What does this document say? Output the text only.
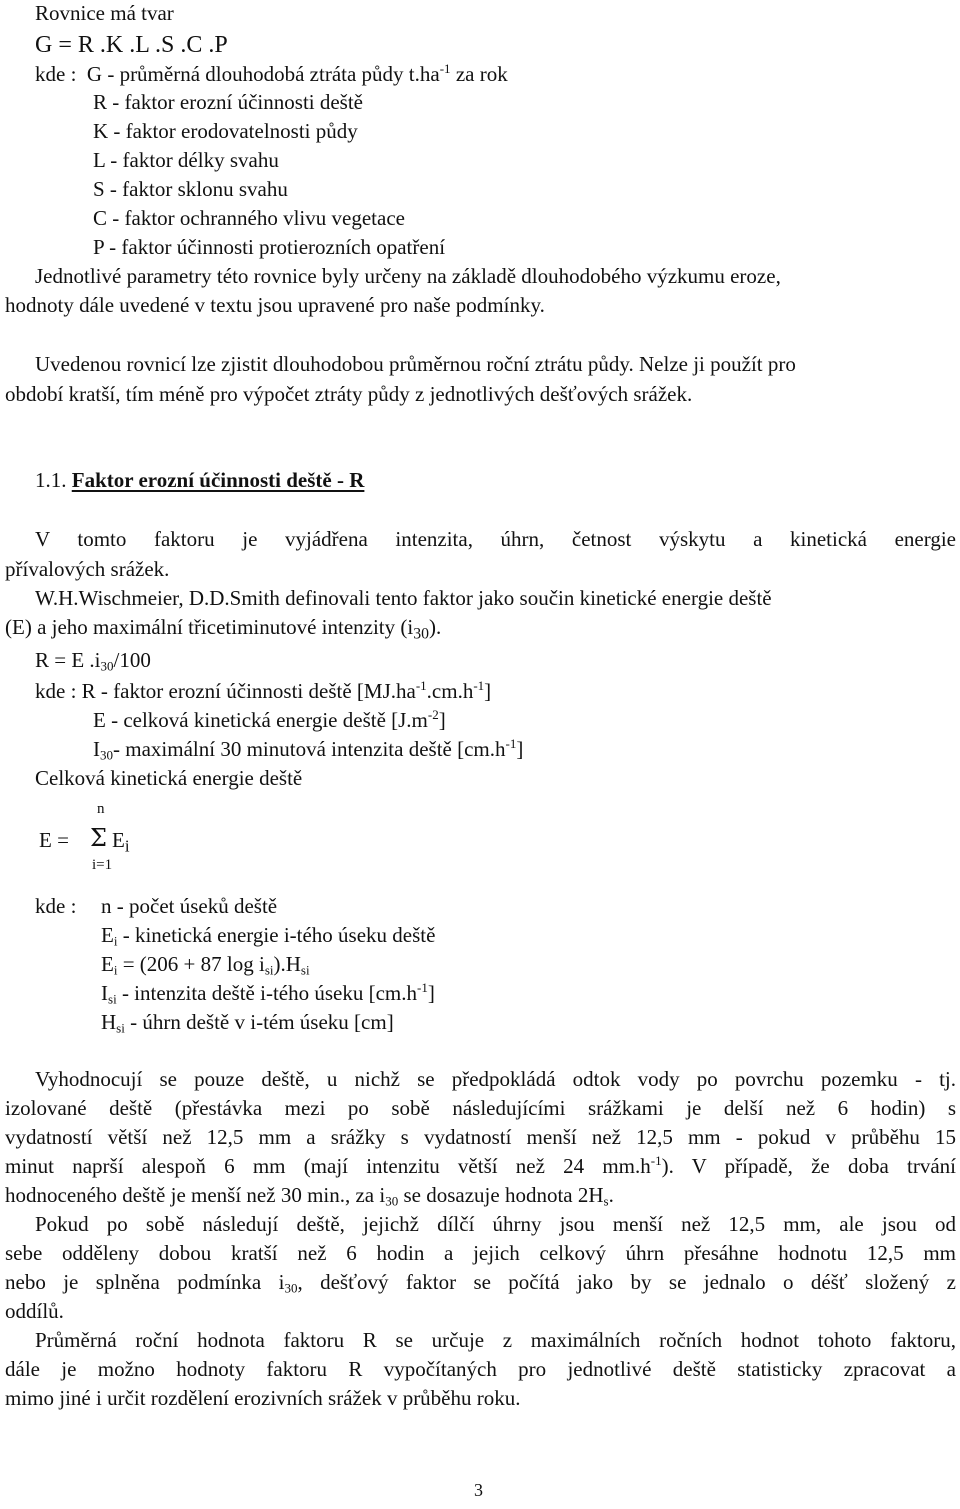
Rovnice má tvar
G = R .K .L .S .C .P
kde : G - průměrná dlouhodobá ztráta půdy $t.ha^{-1}$ za rok
R - faktor erozní účinnosti deště
K - faktor erodovatelnosti půdy
L - faktor délky svahu
S - faktor sklonu svahu
C - faktor ochranného vlivu vegetace
P - faktor účinnosti protierozních opatření
Jednotlivé parametry této rovnice byly určeny na základě dlouhodobého výzkumu eroze,
hodnoty dále uvedené v textu jsou upravené pro naše podmínky.
Uvedenou rovnicí lze zjistit dlouhodobou průměrnou roční ztrátu půdy. Nelze ji použít pro
období kratší, tím méně pro výpočet ztráty půdy z jednotlivých dešťových srážek.
1.1. Faktor erozní účinnosti deště - R
V tomto faktoru je vyjádřena intenzita, úhrn, četnost výskytu a kinetická energie
přívalových srážek.
W.H.Wischmeier, D.D.Smith definovali tento faktor jako součin kinetické energie deště
(E) a jeho maximální třicetiminutové intenzity $(i_{30})$.
R = E $.i_{30}/100$
kde : R - faktor erozní účinnosti deště $[MJ.ha^{-1}.cm.h^{-1}]$
E - celková kinetická energie deště $[J.m^{-2}]$
$I_{30}-$ maximální 30 minutová intenzita deště $[cm.h^{-1}]$
Celková kinetická energie deště
n
E = Σ $E_i$
i=1
kde : n - počet úseků deště
$E_i$ - kinetická energie i-tého úseku deště
$E_i = (206 + 87$ $\log i_{si}).H_{si}$
$I_{si}$ - intenzita deště i-tého úseku $[cm.h^{-1}]$
$H_{si}$ - úhrn deště v i-tém úseku [cm]
Vyhodnocují se pouze deště, u nichž se předpokládá odtok vody po povrchu pozemku - tj.
izolované deště (přestávka mezi po sobě následujícími srážkami je delší než 6 hodin) s
vydatností větší než 12,5 mm a srážky s vydatností menší než 12,5 mm - pokud v průběhu 15
minut naprší alespoň 6 mm (mají intenzitu větší než 24 $mm.h^{-1}$). V případě, že doba trvání
hodnoceného deště je menší než 30 min., za $i_{30}$ se dosazuje hodnota $2H_s$.
Pokud po sobě následují deště, jejichž dílčí úhrny jsou menší než 12,5 mm, ale jsou od
sebe odděleny dobou kratší než 6 hodin a jejich celkový úhrn přesáhne hodnotu 12,5 mm
nebo je splněna podmínka $i_{30}$, dešťový faktor se počítá jako by se jednalo o déšť složený z
oddílů.
Průměrná roční hodnota faktoru R se určuje z maximálních ročních hodnot tohoto faktoru,
dále je možno hodnoty faktoru R vypočítaných pro jednotlivé deště statisticky zpracovat a
mimo jiné i určit rozdělení erozivních srážek v průběhu roku.
3
